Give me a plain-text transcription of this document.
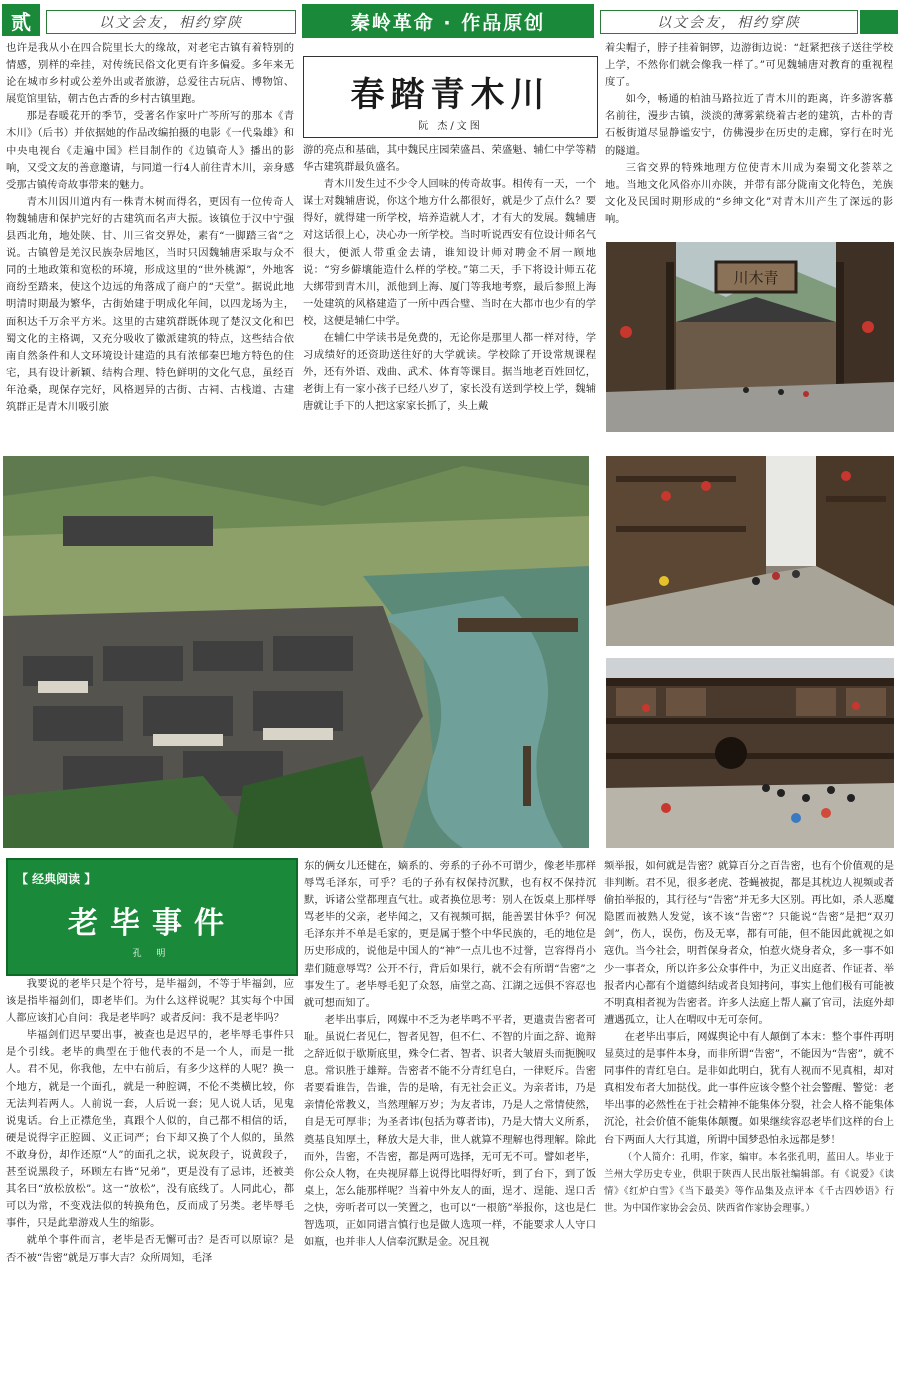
贰	以文会友，相约穿陕	秦岭革命 · 作品原创	以文会友，相约穿陕

也许是我从小在四合院里长大的缘故，对老宅古镇有着特别的情感，别样的牵挂，对传统民俗文化更有许多偏爱。多年来无论在城市乡村或公差外出或者旅游，总爱往古玩店、博物馆、展览馆里钻，朝古色古香的乡村古镇里跑。

那是春暖花开的季节，受著名作家叶广芩所写的那本《青木川》（后书）并依据她的作品改编拍摄的电影《一代枭雄》和中央电视台《走遍中国》栏目制作的《边镇奇人》播出的影响，又受文友的善意邀请，与同道一行4人前往青木川，亲身感受那古镇传奇故事带来的魅力。

青木川因川道内有一株青木树而得名，更因有一位传奇人物魏辅唐和保护完好的古建筑而名声大振。该镇位于汉中宁强县西北角，地处陕、甘、川三省交界处，素有“一脚踏三省”之说。古镇曾是羌汉民族杂居地区，当时只因魏辅唐采取与众不同的土地政策和宽松的环境，形成这里的“世外桃源”，外地客商纷至踏来，使这个边远的角落成了商户的“天堂”。据说此地明清时期最为繁华，古街始建于明成化年间，以四龙场为主，面积达千万余平方米。这里的古建筑群既体现了楚汉文化和巴蜀文化的主格调，又充分吸收了徽派建筑的特点，这些结合依南自然条件和人文环境设计建造的具有浓郁秦巴地方特色的住宅，具有设计新颖、结构合理、特色鲜明的文化气息，虽经百年沧桑，现保存完好，风格迥异的古街、古祠、古栈道、古建筑群正是青木川吸引旅

春踏青木川
阮 杰/文图

游的亮点和基础，其中魏民庄园荣盛昌、荣盛魁、辅仁中学等精华古建筑群最负盛名。

青木川发生过不少令人回味的传奇故事。相传有一天，一个谋士对魏辅唐说，你这个地方什么都很好，就是少了点什么？要得好，就得建一所学校，培养造就人才，才有大的发展。魏辅唐对这话很上心，决心办一所学校。当时听说西安有位设计师名气很大，便派人带重金去请，谁知设计师对聘金不屑一顾地说：“穷乡僻壤能造什么样的学校。”第二天，手下将设计师五花大绑带到青木川，派他到上海、厦门等我地考察，最后参照上海一处建筑的风格建造了一所中西合璧、当时在大都市也少有的学校，这便是辅仁中学。

在辅仁中学读书是免费的，无论你是那里人都一样对待，学习成绩好的还资助送往好的大学就读。学校除了开设常规课程外，还有外语、戏曲、武术、体育等课目。据当地老百姓回忆，老街上有一家小孩子已经八岁了，家长没有送到学校上学，魏辅唐就让手下的人把这家家长抓了，头上戴

着尖帽子，脖子挂着铜锣，边游街边说：“赶紧把孩子送往学校上学，不然你们就会像我一样了。”可见魏辅唐对教育的重视程度了。

如今，畅通的柏油马路拉近了青木川的距离，许多游客慕名前往，漫步古镇，淡淡的薄雾萦绕着古老的建筑，古朴的青石板街道尽显静谧安宁，仿佛漫步在历史的走廊，穿行在时光的隧道。

三省交界的特殊地理方位使青木川成为秦蜀文化荟萃之地。当地文化风俗亦川亦陕，并带有部分陇南文化特色，羌族文化及民国时期形成的“乡绅文化”对青木川产生了深远的影响。

川木青
【 经典阅读 】
老毕事件
孔 明

我要说的老毕只是个符号，是毕福剑，不等于毕福剑，应该是指毕福剑们，即老毕们。为什么这样说呢？其实每个中国人都应该扪心自问：我是老毕吗？或者反问：我不是老毕吗？

毕福剑们迟早要出事，被查也是迟早的，老毕辱毛事件只是个引线。老毕的典型在于他代表的不是一个人，而是一批人。君不见，你我他，左中右前后，有多少这样的人呢？换一个地方，就是一个面孔，就是一种腔调，不伦不类横比较，你无法判若两人。人前说一套，人后说一套；见人说人话，见鬼说鬼话。台上正襟危坐，真跟个人似的，自己都不相信的话，硬是说得字正腔圆、义正词严；台下却又换了个人似的，虽然不敢身份，却作还原“人”的面孔之状，说灰段子，说黄段子，甚至说黑段子，环顾左右皆“兄弟”，更是没有了忌讳，还被美其名曰“放松放松”。这一“放松”，没有底线了。人同此心，都可以为常，不变戏法似的转换角色，反而成了另类。老毕辱毛事件，只是此辈游戏人生的缩影。

就单个事件而言，老毕是否无懈可击？是否可以原谅？是否不被“告密”就是万事大吉？众所周知，毛泽

东的俩女儿还健在，嫡系的、旁系的子孙不可谓少，像老毕那样辱骂毛泽东，可乎？毛的子孙有权保持沉默，也有权不保持沉默，诉诸公堂都理直气壮。或者换位思考：别人在饭桌上那样辱骂老毕的父亲，老毕闻之，又有视频可据，能善罢甘休乎？何况毛泽东并不单是毛家的，更是属于整个中华民族的，毛的地位是历史形成的，说他是中国人的“神”一点儿也不过誉，岂容得肖小辈们随意辱骂？公开不行，背后如果行，就不会有所谓“告密”之事发生了。老毕辱毛犯了众怒，庙堂之高、江湖之远俱不容忍也就可想而知了。

老毕出事后，网媒中不乏为老毕鸣不平者，更遣责告密者可耻。虽说仁者见仁，智者见智，但不仁、不智的片面之辞、诡辩之辞近似于歇斯底里，殊令仁者、智者、识者大皱眉头而扼腕叹息。常识胜于雄辩。告密者不能不分青红皂白，一律贬斥。告密者要看谁告，告谁，告的是啥，有无社会正义。为亲者讳，乃是亲情伦常教义，当然理解万岁；为友者讳，乃是人之常情使然，自是无可厚非；为圣者讳(包括为尊者讳)，乃是大情大义所系，奠基良知厚土，释放大是大非，世人就算不理解也得理解。除此而外，告密，不告密，都是两可选择，无可无不可。譬如老毕，你公众人物，在央视屏幕上说得比唱得好听，到了台下，到了饭桌上，怎么能那样呢？当着中外友人的面，逞才、逞能、逞口舌之快，旁听者可以一笑置之，也可以“一根筋”举报你，这也是仁智选项，正如同谱言慎行也是做人选项一样，不能要求人人守口如瓶，也并非人人信奉沉默是金。况且视

频举报，如何就是告密？就算百分之百告密，也有个价值观的是非判断。君不见，很多老虎、苍蝇被捉，都是其枕边人视频或者偷拍举报的，其行径与“告密”并无多大区别。再比如，杀人恶魔隐匿而被熟人发觉，该不该“告密”？只能说“告密”是把“双刃剑”，伤人，误伤，伤及无辜，都有可能，但不能因此就视之如寇仇。当今社会，明哲保身者众，怕惹火烧身者众，多一事不如少一事者众，所以许多公众事件中，为正义出庭者、作证者、举报者内心都有个道德纠结或者良知拷问，事实上他们极有可能被不明真相者视为告密者。许多人法庭上帮人赢了官司，法庭外却遭遇孤立，让人在喟叹中无可奈何。

在老毕出事后，网媒舆论中有人颠倒了本末：整个事件再明显莫过的是事件本身，而非所谓“告密”，不能因为“告密”，就不同事件的青红皂白。是非如此明白，犹有人视而不见真相，却对真相发布者大加挞伐。此一事件应该令整个社会警醒、警觉：老毕出事的必然性在于社会精神不能集体分裂，社会人格不能集体沉沦，社会价值不能集体颠覆。如果继续容忍老毕们这样的台上台下两面人大行其道，所谓中国梦恐怕永远都是梦！

（个人简介：孔明，作家，编审。本名张孔明，蓝田人。毕业于兰州大学历史专业，供职于陕西人民出版社编辑部。有《说爱》《读情》《红炉白雪》《当下最美》等作品集及点评本《千古四妙语》行世。为中国作家协会会员、陕西省作家协会理事。）
